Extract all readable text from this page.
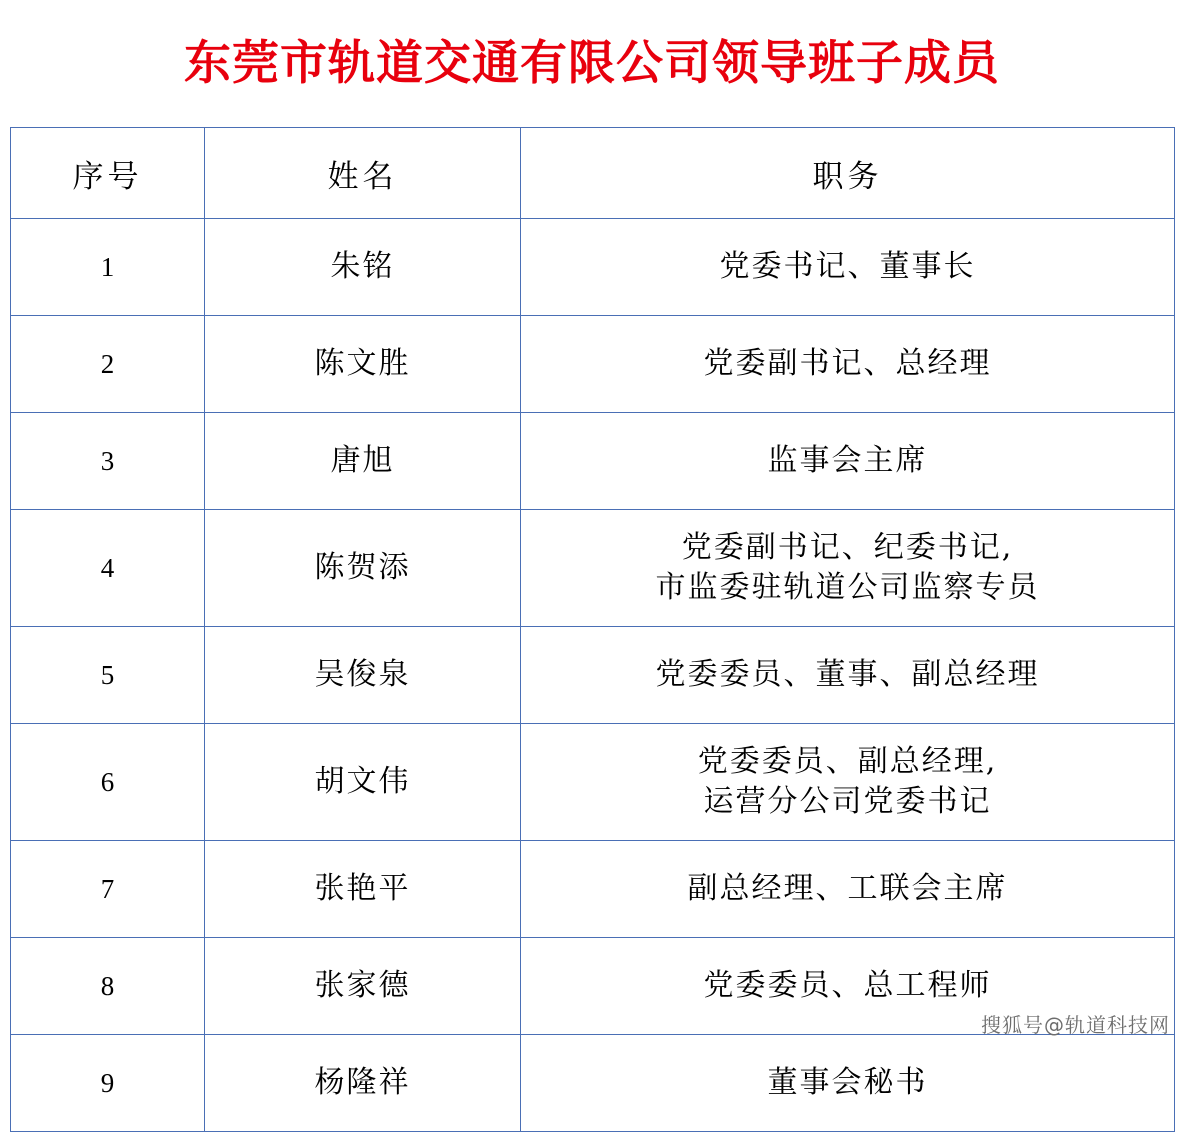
东莞市轨道交通有限公司领导班子成员
序号	姓名	职务
1	朱铭	党委书记、董事长

2	陈文胜	党委副书记、总经理

3	唐旭	监事会主席

4	陈贺添	党委副书记、纪委书记,
市监委驻轨道公司监察专员

5	吴俊泉	党委委员、董事、副总经理

6	胡文伟	党委委员、副总经理,
运营分公司党委书记

7	张艳平	副总经理、工联会主席

8	张家德	党委委员、总工程师

9	杨隆祥	董事会秘书
搜狐号@轨道科技网
